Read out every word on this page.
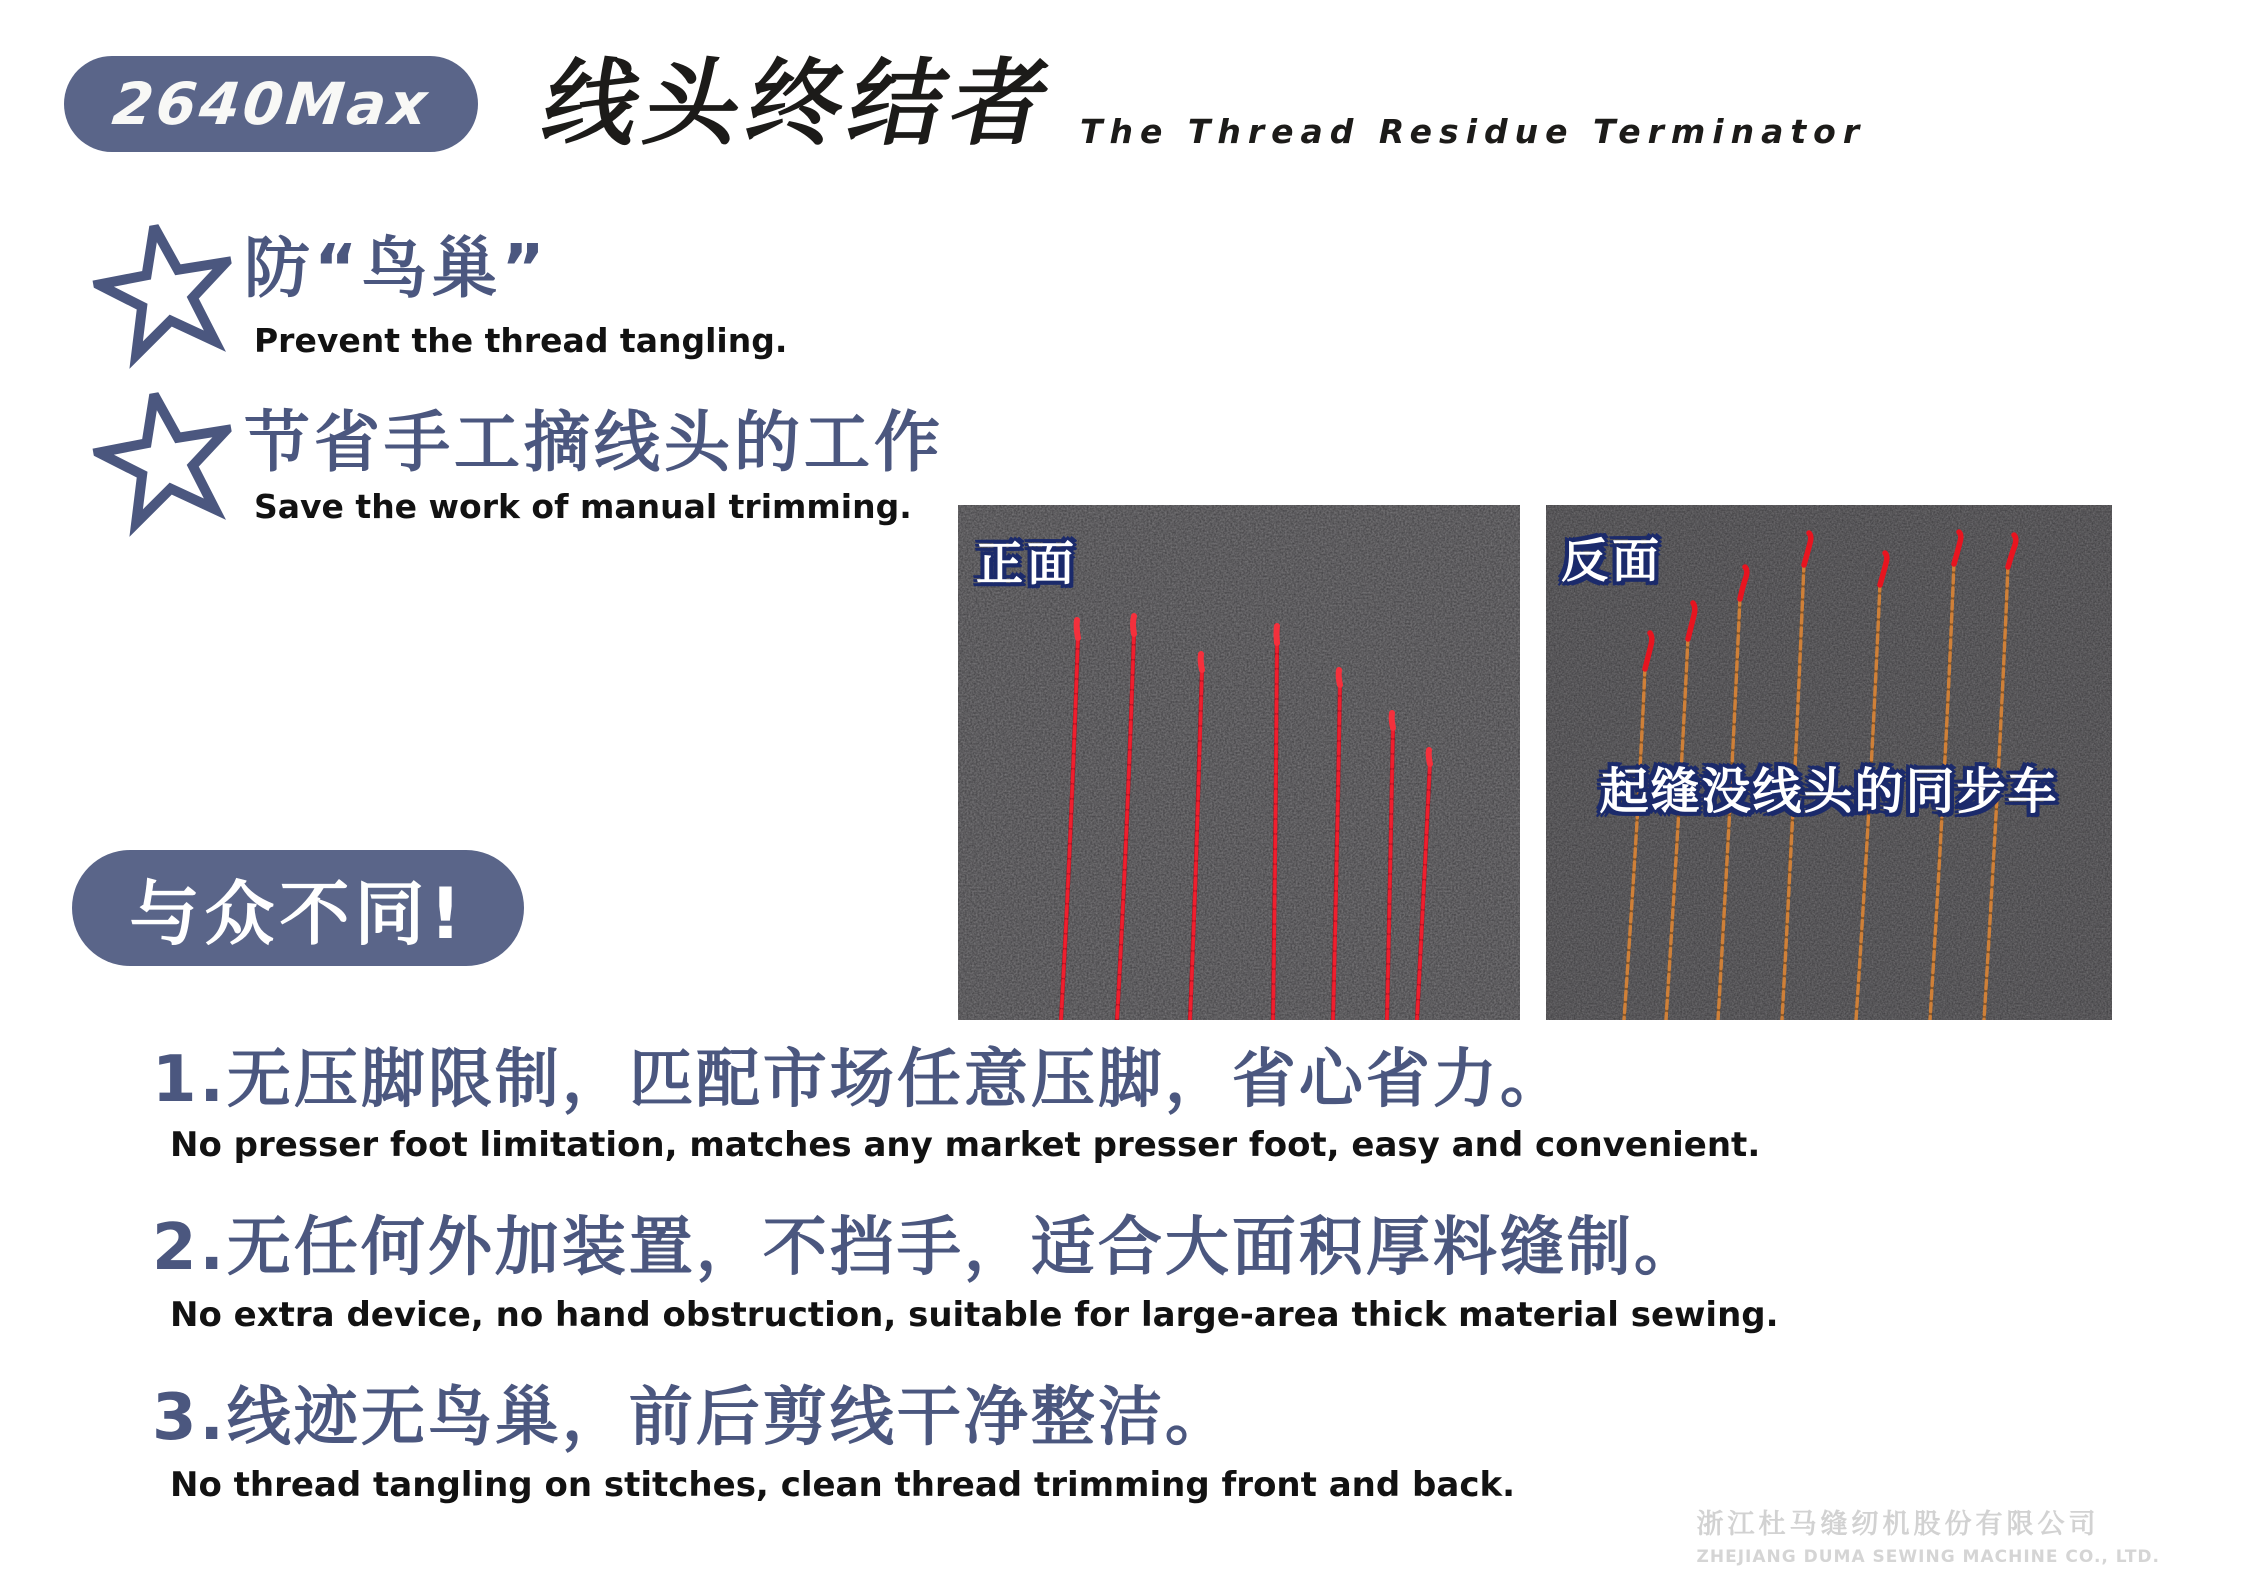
2640Max 线头终结者 The Thread Residue Terminator
防“鸟巢”
Prevent the thread tangling.
节省手工摘线头的工作
Save the work of manual trimming.
正面	反面
起缝没线头的同步车
与众不同!
1.无压脚限制，匹配市场任意压脚，省心省力。
No presser foot limitation, matches any market presser foot, easy and convenient.
2.无任何外加装置，不挡手，适合大面积厚料缝制。
No extra device, no hand obstruction, suitable for large-area thick material sewing.
3.线迹无鸟巢，前后剪线干净整洁。
No thread tangling on stitches, clean thread trimming front and back.
浙江杜马缝纫机股份有限公司
ZHEJIANG DUMA SEWING MACHINE CO., LTD.
